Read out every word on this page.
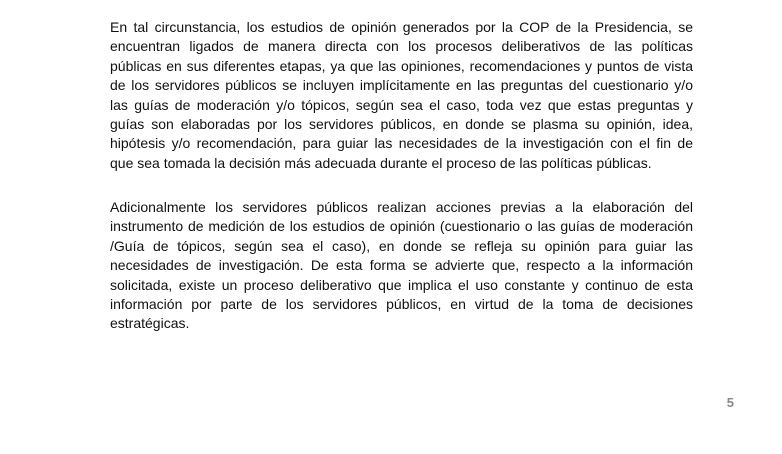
En tal circunstancia, los estudios de opinión generados por la COP de la Presidencia, se
encuentran ligados de manera directa con los procesos deliberativos de las políticas
públicas en sus diferentes etapas, ya que las opiniones, recomendaciones y puntos de vista
de los servidores públicos se incluyen implícitamente en las preguntas del cuestionario y/o
las guías de moderación y/o tópicos, según sea el caso, toda vez que estas preguntas y
guías son elaboradas por los servidores públicos, en donde se plasma su opinión, idea,
hipótesis y/o recomendación, para guiar las necesidades de la investigación con el fin de
que sea tomada la decisión más adecuada durante el proceso de las políticas públicas.

Adicionalmente los servidores públicos realizan acciones previas a la elaboración del
instrumento de medición de los estudios de opinión (cuestionario o las guías de moderación
/Guía de tópicos, según sea el caso), en donde se refleja su opinión para guiar las
necesidades de investigación. De esta forma se advierte que, respecto a la información
solicitada, existe un proceso deliberativo que implica el uso constante y continuo de esta
información por parte de los servidores públicos, en virtud de la toma de decisiones
estratégicas.

5
